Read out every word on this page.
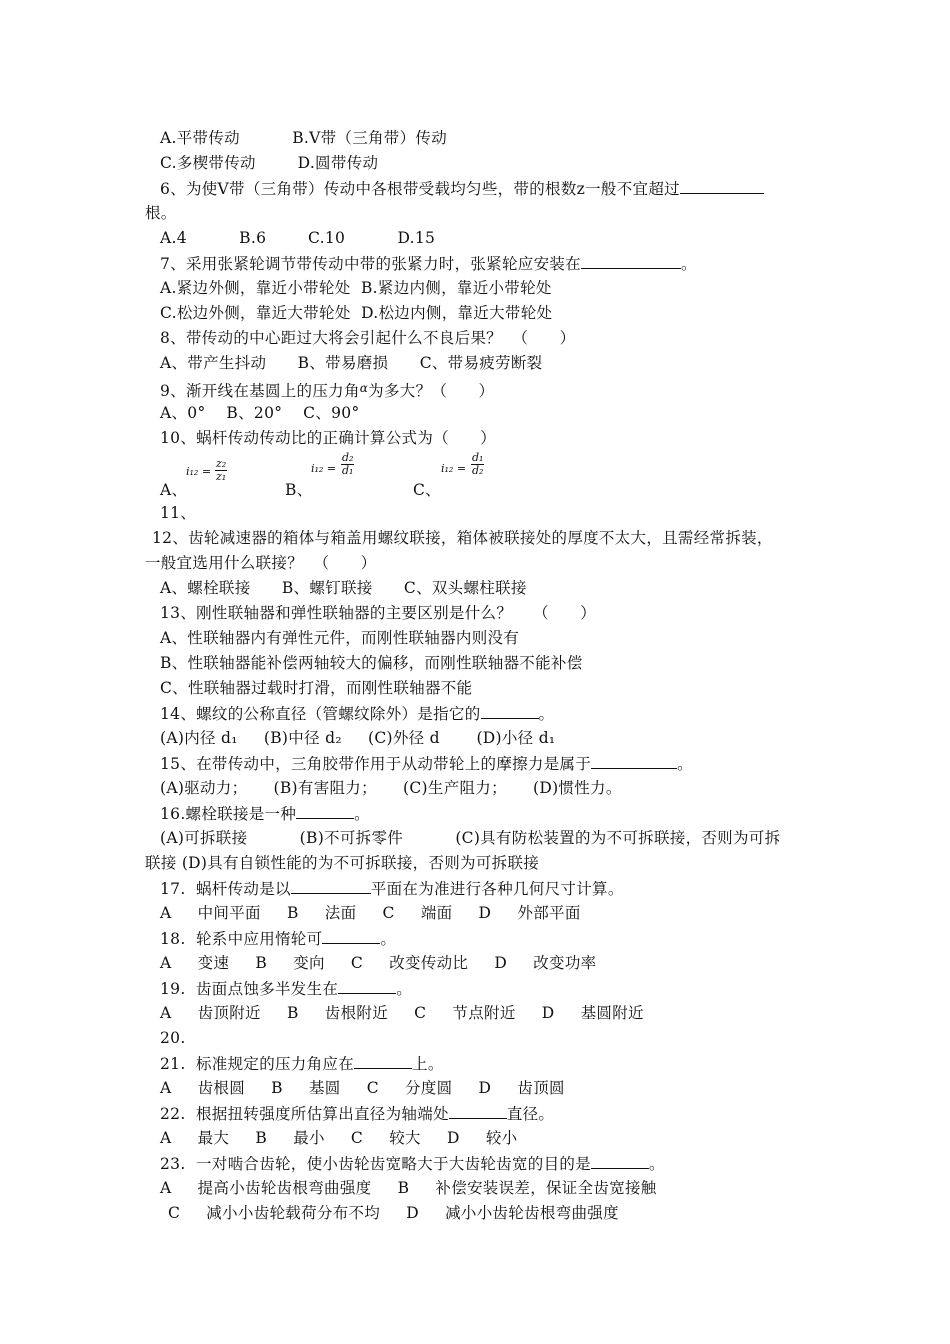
A.平带传动          B.V带（三角带）传动
C.多楔带传动        D.圆带传动
6、为使V带（三角带）传动中各根带受载均匀些，带的根数z一般不宜超过
根。
A.4          B.6        C.10          D.15
7、采用张紧轮调节带传动中带的张紧力时，张紧轮应安装在	。
A.紧边外侧，靠近小带轮处  B.紧边内侧，靠近小带轮处
C.松边外侧，靠近大带轮处  D.松边内侧，靠近大带轮处
8、带传动的中心距过大将会引起什么不良后果？  （      ）
A、带产生抖动      B、带易磨损      C、带易疲劳断裂
9、渐开线在基圆上的压力角$^\alpha$为多大？（      ）
A、0°    B、20°    C、90°
10、蜗杆传动传动比的正确计算公式为（      ）
A、
$i_{12} = \frac{\text{z₂}}{\text{z₁}}$
B、
$i_{12} = \frac{\text{d₂}}{\text{d₁}}$
C、
$i_{12} = \frac{\text{d₁}}{\text{d₂}}$
11、
12、齿轮减速器的箱体与箱盖用螺纹联接，箱体被联接处的厚度不太大，且需经常拆装，
一般宜选用什么联接？  （      ）
A、螺栓联接      B、螺钉联接      C、双头螺柱联接
13、刚性联轴器和弹性联轴器的主要区别是什么？    （      ）
A、性联轴器内有弹性元件，而刚性联轴器内则没有
B、性联轴器能补偿两轴较大的偏移，而刚性联轴器不能补偿
C、性联轴器过载时打滑，而刚性联轴器不能
14、螺纹的公称直径（管螺纹除外）是指它的	。
(A)内径 d₁     (B)中径 d₂     (C)外径 d       (D)小径 d₁
15、在带传动中，三角胶带作用于从动带轮上的摩擦力是属于	。
(A)驱动力；     (B)有害阻力；     (C)生产阻力；     (D)惯性力。
16.螺栓联接是一种	。
(A)可拆联接          (B)不可拆零件          (C)具有防松装置的为不可拆联接，否则为可拆
联接 (D)具有自锁性能的为不可拆联接，否则为可拆联接
17.  蜗杆传动是以	平面在为准进行各种几何尺寸计算。
A     中间平面     B     法面     C     端面     D     外部平面
18.  轮系中应用惰轮可	。
A     变速     B     变向     C     改变传动比     D     改变功率
19.  齿面点蚀多半发生在	。
A     齿顶附近     B     齿根附近     C     节点附近     D     基圆附近
20.
21.  标准规定的压力角应在	上。
A     齿根圆     B     基圆     C     分度圆     D     齿顶圆
22.  根据扭转强度所估算出直径为轴端处	直径。
A     最大     B     最小     C     较大     D     较小
23.  一对啮合齿轮，使小齿轮齿宽略大于大齿轮齿宽的目的是	。
A     提高小齿轮齿根弯曲强度     B     补偿安装误差，保证全齿宽接触
C     减小小齿轮载荷分布不均     D     减小小齿轮齿根弯曲强度
